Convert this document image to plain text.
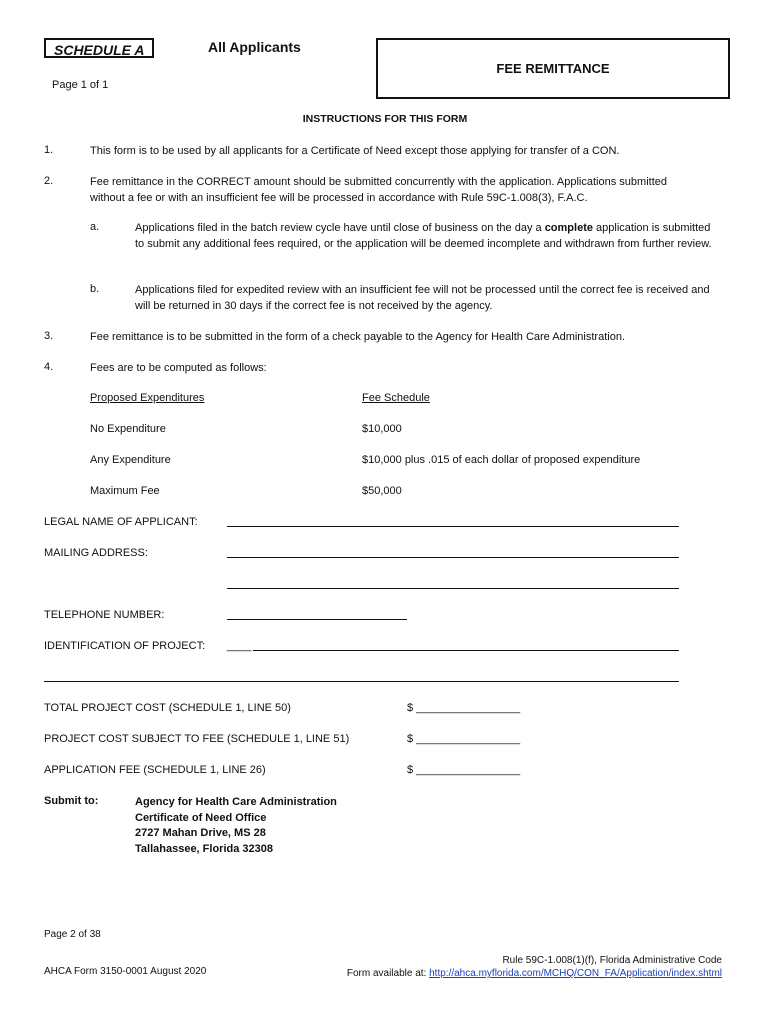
SCHEDULE A	All Applicants
FEE REMITTANCE
Page 1 of 1
INSTRUCTIONS FOR THIS FORM
1.	This form is to be used by all applicants for a Certificate of Need except those applying for transfer of a CON.
2.	Fee remittance in the CORRECT amount should be submitted concurrently with the application. Applications submitted without a fee or with an insufficient fee will be processed in accordance with Rule 59C-1.008(3), F.A.C.
a.	Applications filed in the batch review cycle have until close of business on the day a complete application is submitted to submit any additional fees required, or the application will be deemed incomplete and withdrawn from further review.
b.	Applications filed for expedited review with an insufficient fee will not be processed until the correct fee is received and will be returned in 30 days if the correct fee is not received by the agency.
3.	Fee remittance is to be submitted in the form of a check payable to the Agency for Health Care Administration.
4.	Fees are to be computed as follows:
Proposed Expenditures	Fee Schedule
No Expenditure	$10,000
Any Expenditure	$10,000 plus .015 of each dollar of proposed expenditure
Maximum Fee	$50,000
LEGAL NAME OF APPLICANT:
MAILING ADDRESS:
TELEPHONE NUMBER:
IDENTIFICATION OF PROJECT: ____
TOTAL PROJECT COST (SCHEDULE 1, LINE 50)	$ _________________
PROJECT COST SUBJECT TO FEE (SCHEDULE 1, LINE 51)	$ _________________
APPLICATION FEE (SCHEDULE 1, LINE 26)	$ _________________
Submit to:	Agency for Health Care Administration
Certificate of Need Office
2727 Mahan Drive, MS 28
Tallahassee, Florida 32308
Page 2 of 38
AHCA Form 3150-0001 August 2020
Rule 59C-1.008(1)(f), Florida Administrative Code
Form available at: http://ahca.myflorida.com/MCHQ/CON_FA/Application/index.shtml
